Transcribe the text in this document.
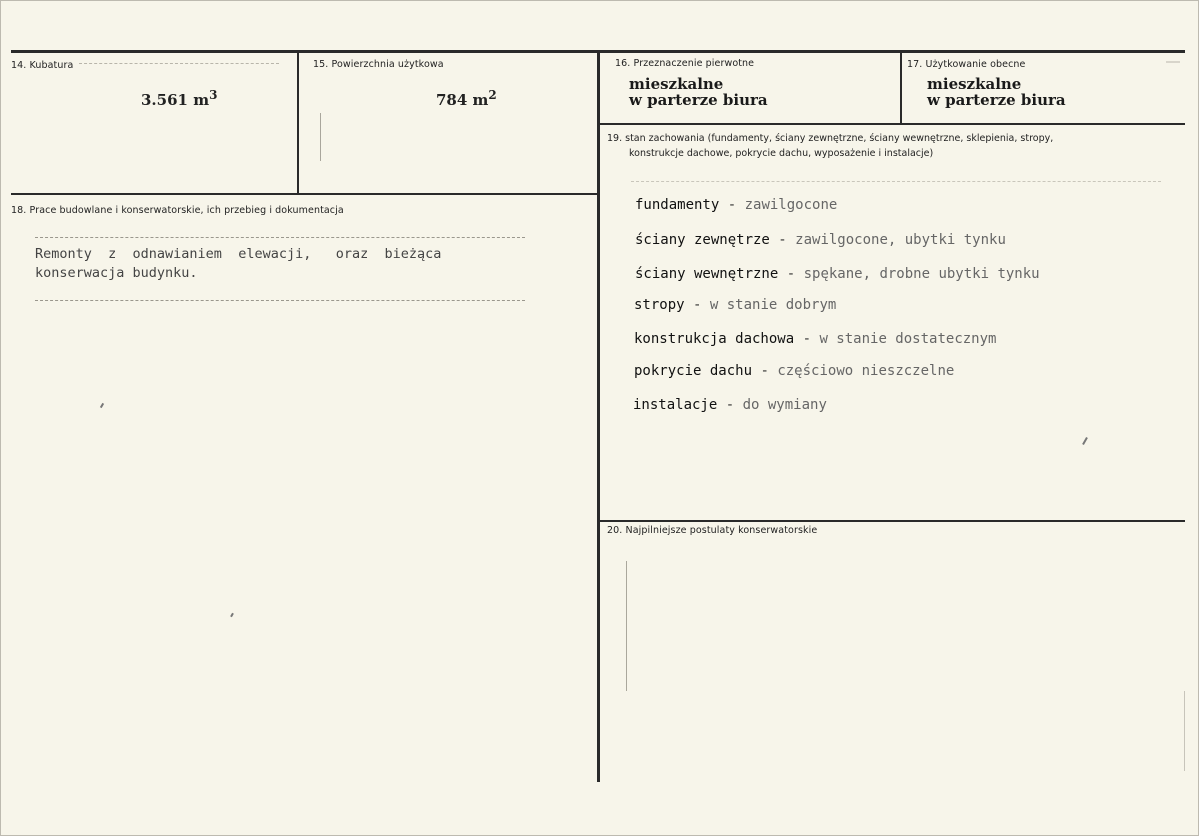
14. Kubatura
3.561 $m^3$
15. Powierzchnia użytkowa
784 $m^2$
16. Przeznaczenie pierwotne
mieszkalne
w parterze biura
17. Użytkowanie obecne
mieszkalne
w parterze biura
19. stan zachowania (fundamenty, ściany zewnętrzne, ściany wewnętrzne, sklepienia, stropy,
konstrukcje dachowe, pokrycie dachu, wyposażenie i instalacje)
fundamenty - zawilgocone
ściany zewnętrze - zawilgocone, ubytki tynku
ściany wewnętrzne - spękane, drobne ubytki tynku
stropy - w stanie dobrym
konstrukcja dachowa - w stanie dostatecznym
pokrycie dachu - częściowo nieszczelne
instalacje - do wymiany
18. Prace budowlane i konserwatorskie, ich przebieg i dokumentacja
Remonty  z  odnawianiem  elewacji,   oraz  bieżąca
konserwacja budynku.
20. Najpilniejsze postulaty konserwatorskie
